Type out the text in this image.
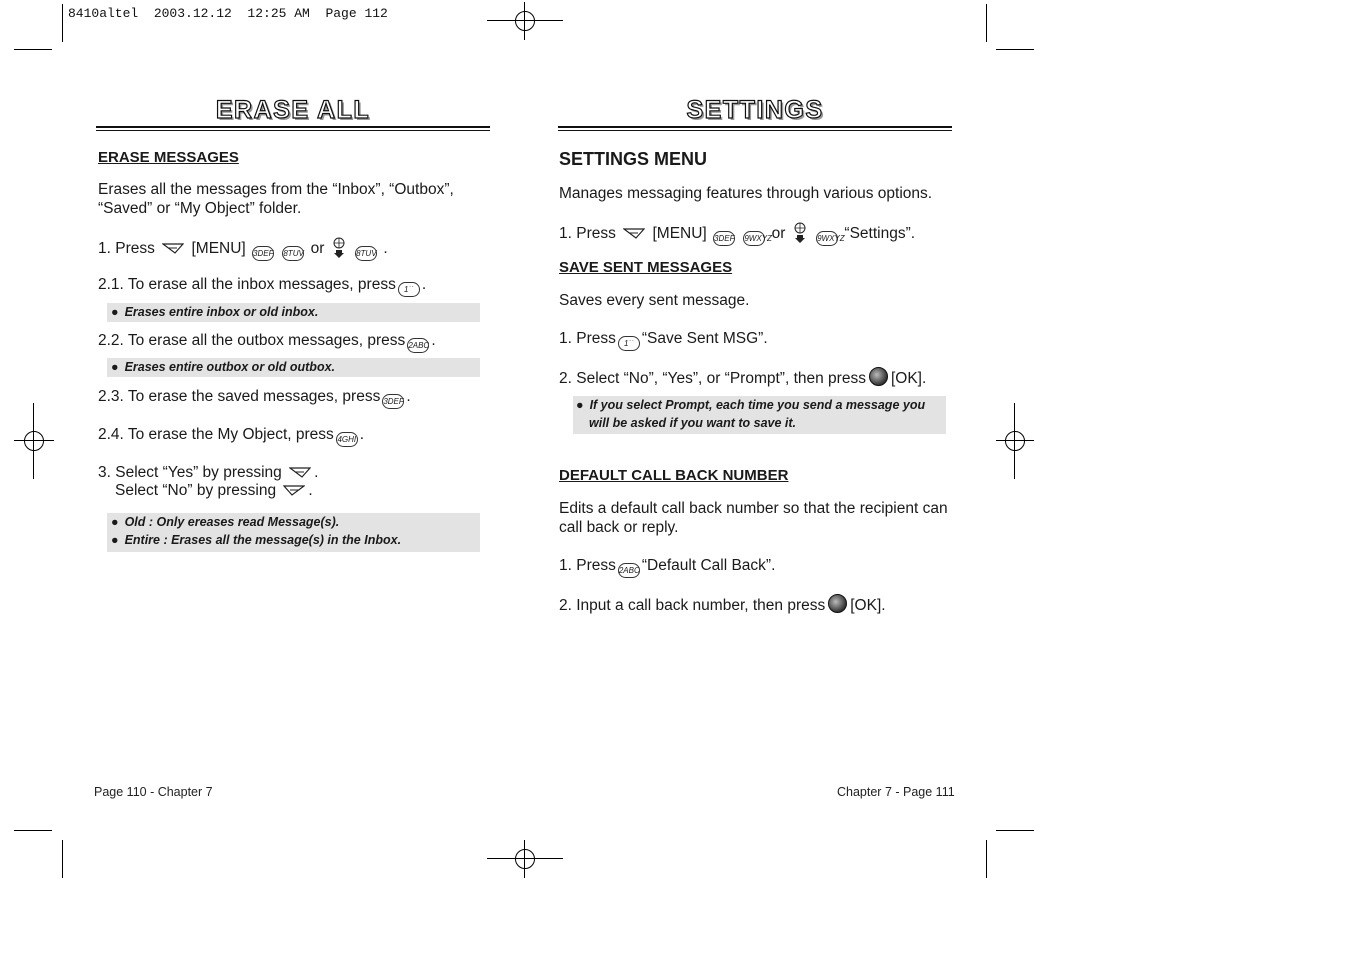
8410altel  2003.12.12  12:25 AM  Page 112
ERASE ALL
ERASE MESSAGES
Erases all the messages from the “Inbox”, “Outbox”,
“Saved” or “My Object” folder.
1. Press [MENU] 3DEF 8TUV or	8TUV .
2.1. To erase all the inbox messages, press 1˙˙ .
● Erases entire inbox or old inbox.
2.2. To erase all the outbox messages, press 2ABC .
● Erases entire outbox or old outbox.
2.3. To erase the saved messages, press 3DEF .
2.4. To erase the My Object, press 4GHI .
3. Select “Yes” by pressing .
Select “No” by pressing .
● Old : Only ereases read Message(s).
● Entire : Erases all the message(s) in the Inbox.
Page 110 - Chapter 7
SETTINGS
SETTINGS MENU
Manages messaging features through various options.
1. Press [MENU] 3DEF 9WXYZ or	9WXYZ “Settings”.
SAVE SENT MESSAGES
Saves every sent message.
1. Press 1˙˙ “Save Sent MSG”.
2. Select “No”, “Yes”, or “Prompt”, then press [OK].
● If you select Prompt, each time you send a message you
will be asked if you want to save it.
DEFAULT CALL BACK NUMBER
Edits a default call back number so that the recipient can
call back or reply.
1. Press 2ABC “Default Call Back”.
2. Input a call back number, then press [OK].
Chapter 7 - Page 111
